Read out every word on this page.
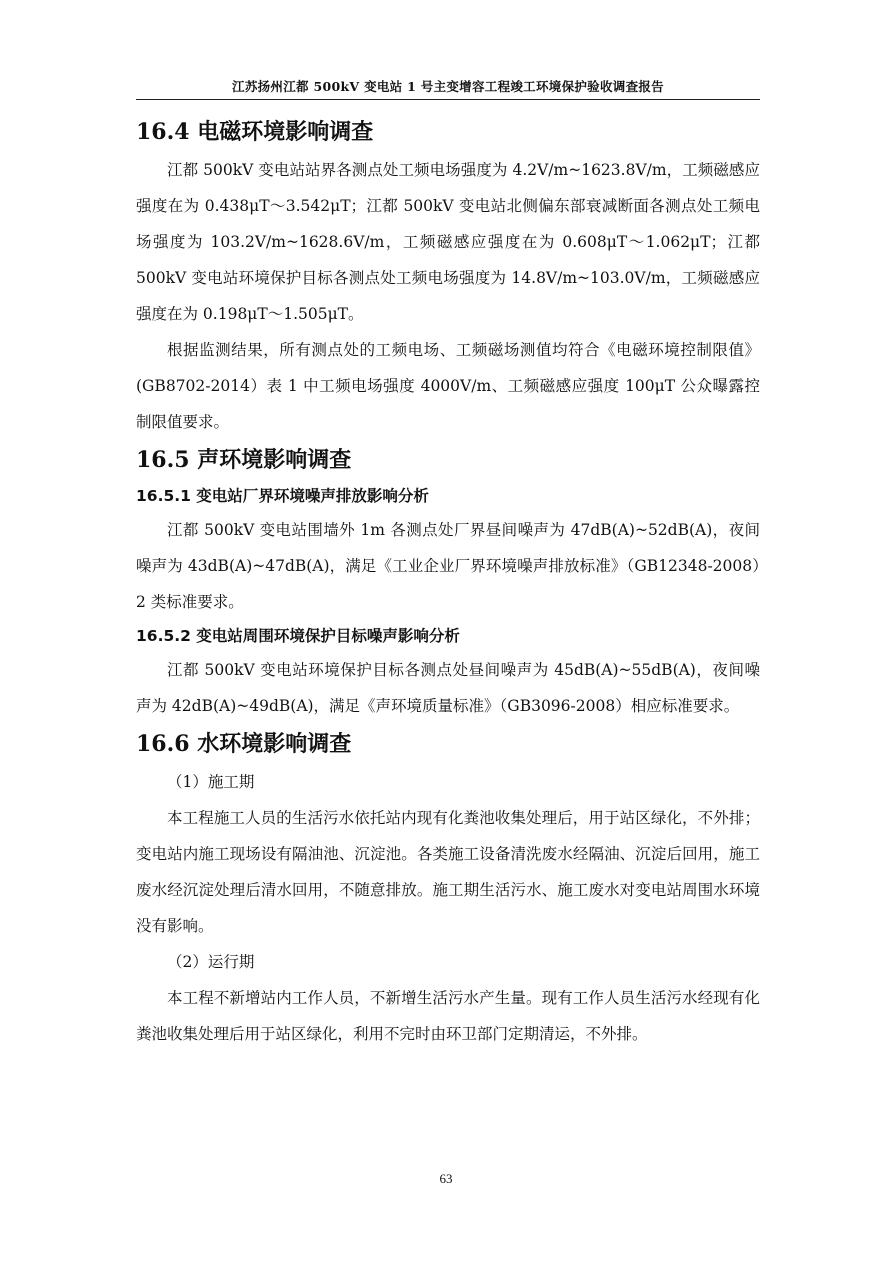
江苏扬州江都 500kV 变电站 1 号主变增容工程竣工环境保护验收调查报告
16.4 电磁环境影响调查

江都 500kV 变电站站界各测点处工频电场强度为 4.2V/m~1623.8V/m，工频磁感应强度在为 0.438μT～3.542μT；江都 500kV 变电站北侧偏东部衰减断面各测点处工频电场强度为 103.2V/m~1628.6V/m，工频磁感应强度在为 0.608μT～1.062μT；江都 500kV 变电站环境保护目标各测点处工频电场强度为 14.8V/m~103.0V/m，工频磁感应强度在为 0.198μT～1.505μT。

根据监测结果，所有测点处的工频电场、工频磁场测值均符合《电磁环境控制限值》(GB8702-2014）表 1 中工频电场强度 4000V/m、工频磁感应强度 100μT 公众曝露控制限值要求。

16.5 声环境影响调查
16.5.1 变电站厂界环境噪声排放影响分析

江都 500kV 变电站围墙外 1m 各测点处厂界昼间噪声为 47dB(A)~52dB(A)，夜间噪声为 43dB(A)~47dB(A)，满足《工业企业厂界环境噪声排放标准》（GB12348-2008）2 类标准要求。

16.5.2 变电站周围环境保护目标噪声影响分析

江都 500kV 变电站环境保护目标各测点处昼间噪声为 45dB(A)~55dB(A)，夜间噪声为 42dB(A)~49dB(A)，满足《声环境质量标准》（GB3096-2008）相应标准要求。

16.6 水环境影响调查

（1）施工期

本工程施工人员的生活污水依托站内现有化粪池收集处理后，用于站区绿化，不外排；变电站内施工现场设有隔油池、沉淀池。各类施工设备清洗废水经隔油、沉淀后回用，施工废水经沉淀处理后清水回用，不随意排放。施工期生活污水、施工废水对变电站周围水环境没有影响。

（2）运行期

本工程不新增站内工作人员，不新增生活污水产生量。现有工作人员生活污水经现有化粪池收集处理后用于站区绿化，利用不完时由环卫部门定期清运，不外排。

63
